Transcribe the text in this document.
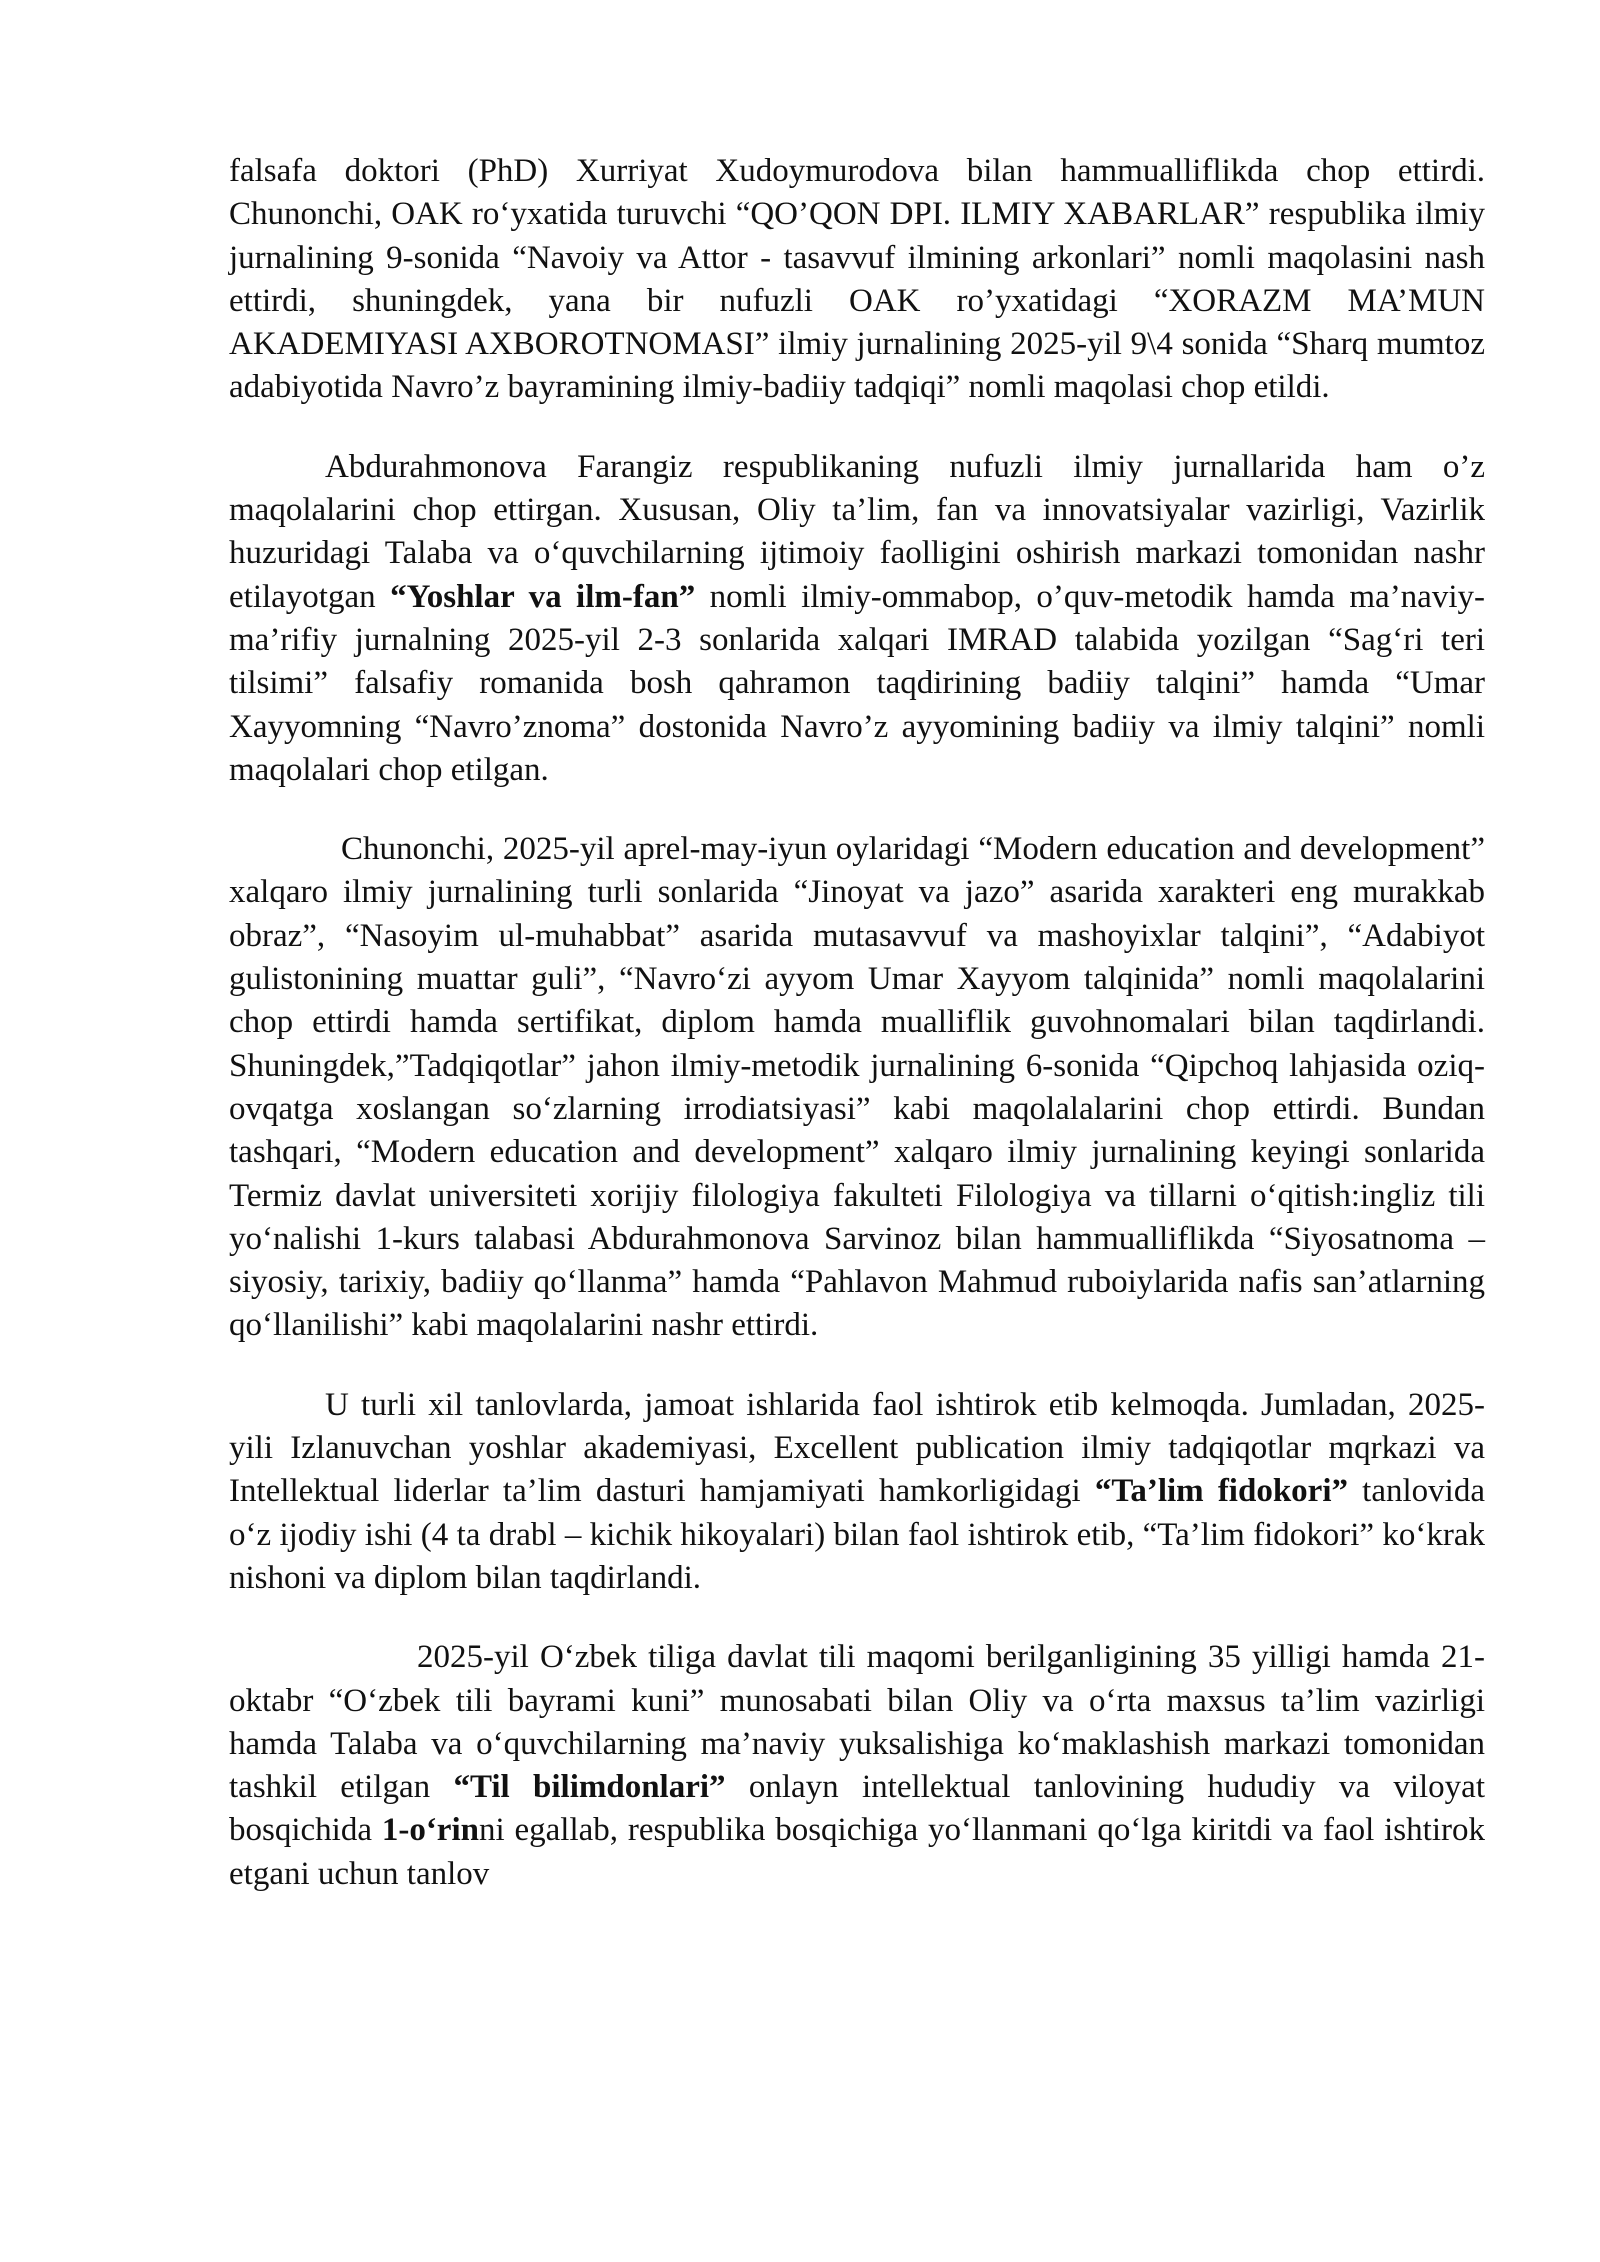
falsafa doktori (PhD) Xurriyat Xudoymurodova bilan hammualliflikda chop ettirdi. Chunonchi, OAK ro‘yxatida turuvchi “QO’QON DPI. ILMIY XABARLAR” respublika ilmiy jurnalining 9-sonida “Navoiy va Attor - tasavvuf ilmining arkonlari” nomli maqolasini nash ettirdi, shuningdek, yana bir nufuzli OAK ro’yxatidagi “XORAZM MA’MUN AKADEMIYASI AXBOROTNOMASI” ilmiy jurnalining 2025-yil 9\4 sonida “Sharq mumtoz adabiyotida Navro’z bayramining ilmiy-badiiy tadqiqi” nomli maqolasi chop etildi.

Abdurahmonova Farangiz respublikaning nufuzli ilmiy jurnallarida ham o’z maqolalarini chop ettirgan. Xususan, Oliy ta’lim, fan va innovatsiyalar vazirligi, Vazirlik huzuridagi Talaba va o‘quvchilarning ijtimoiy faolligini oshirish markazi tomonidan nashr etilayotgan “Yoshlar va ilm-fan” nomli ilmiy-ommabop, o’quv-metodik hamda ma’naviy-ma’rifiy jurnalning 2025-yil 2-3 sonlarida xalqari IMRAD talabida yozilgan “Sag‘ri teri tilsimi” falsafiy romanida bosh qahramon taqdirining badiiy talqini” hamda “Umar Xayyomning “Navro’znoma” dostonida Navro’z ayyomining badiiy va ilmiy talqini” nomli maqolalari chop etilgan.

Chunonchi, 2025-yil aprel-may-iyun oylaridagi “Modern education and development” xalqaro ilmiy jurnalining turli sonlarida “Jinoyat va jazo” asarida xarakteri eng murakkab obraz”, “Nasoyim ul-muhabbat” asarida mutasavvuf va mashoyixlar talqini”, “Adabiyot gulistonining muattar guli”, “Navro‘zi ayyom Umar Xayyom talqinida” nomli maqolalarini chop ettirdi hamda sertifikat, diplom hamda mualliflik guvohnomalari bilan taqdirlandi. Shuningdek,”Tadqiqotlar” jahon ilmiy-metodik jurnalining 6-sonida “Qipchoq lahjasida oziq-ovqatga xoslangan so‘zlarning irrodiatsiyasi” kabi maqolalalarini chop ettirdi. Bundan tashqari, “Modern education and development” xalqaro ilmiy jurnalining keyingi sonlarida Termiz davlat universiteti xorijiy filologiya fakulteti Filologiya va tillarni o‘qitish:ingliz tili yo‘nalishi 1-kurs talabasi Abdurahmonova Sarvinoz bilan hammualliflikda “Siyosatnoma – siyosiy, tarixiy, badiiy qo‘llanma” hamda “Pahlavon Mahmud ruboiylarida nafis san’atlarning qo‘llanilishi” kabi maqolalarini nashr ettirdi.

U turli xil tanlovlarda, jamoat ishlarida faol ishtirok etib kelmoqda. Jumladan, 2025-yili Izlanuvchan yoshlar akademiyasi, Excellent publication ilmiy tadqiqotlar mqrkazi va Intellektual liderlar ta’lim dasturi hamjamiyati hamkorligidagi “Ta’lim fidokori” tanlovida o‘z ijodiy ishi (4 ta drabl – kichik hikoyalari) bilan faol ishtirok etib, “Ta’lim fidokori” ko‘krak nishoni va diplom bilan taqdirlandi.

2025-yil O‘zbek tiliga davlat tili maqomi berilganligining 35 yilligi hamda 21-oktabr “O‘zbek tili bayrami kuni” munosabati bilan Oliy va o‘rta maxsus ta’lim vazirligi hamda Talaba va o‘quvchilarning ma’naviy yuksalishiga ko‘maklashish markazi tomonidan tashkil etilgan “Til bilimdonlari” onlayn intellektual tanlovining hududiy va viloyat bosqichida 1-o‘rinni egallab, respublika bosqichiga yo‘llanmani qo‘lga kiritdi va faol ishtirok etgani uchun tanlov
